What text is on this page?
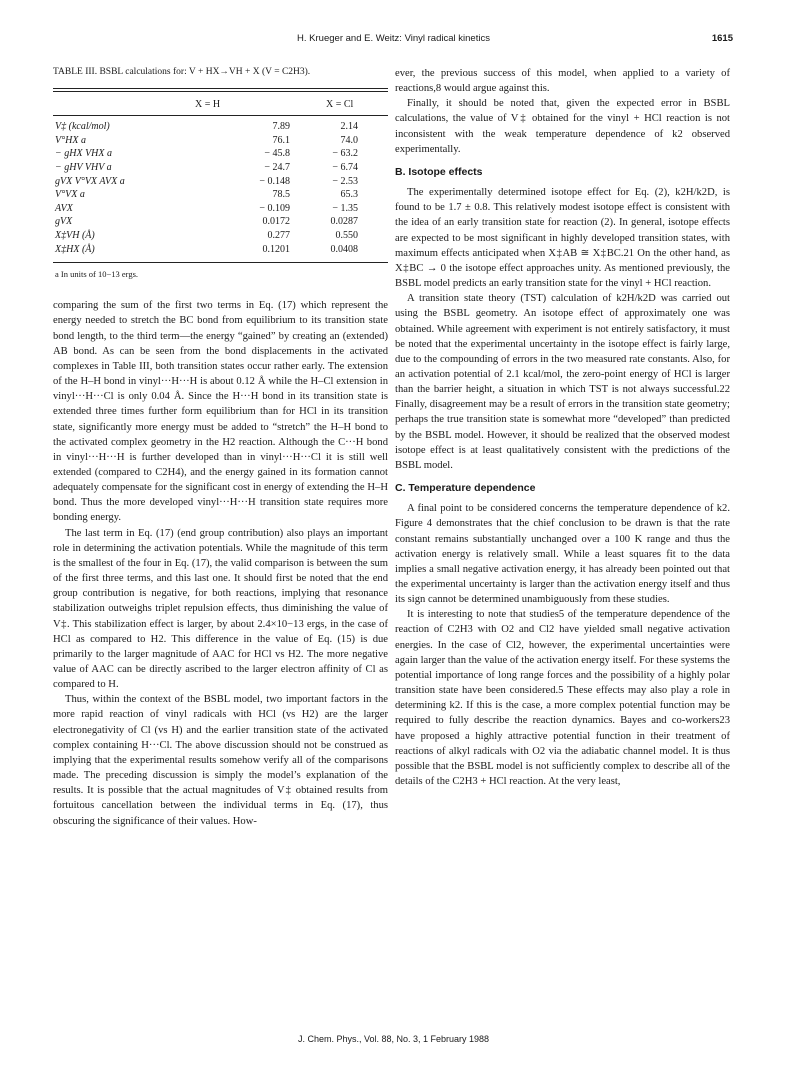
H. Krueger and E. Weitz: Vinyl radical kinetics	1615
TABLE III. BSBL calculations for: V + HX→VH + X (V = C2H3).
	X = H	X = Cl
V‡ (kcal/mol)	7.89	2.14
V°HX a	76.1	74.0
− gHX VHX a	− 45.8	− 63.2
− gHV VHV a	− 24.7	− 6.74
gVX V°VX AVX a	− 0.148	− 2.53
V°VX a	78.5	65.3
AVX	− 0.109	− 1.35
gVX	0.0172	0.0287
X‡VH (Å)	0.277	0.550
X‡HX (Å)	0.1201	0.0408
a In units of 10−13 ergs.

comparing the sum of the first two terms in Eq. (17) which represent the energy needed to stretch the BC bond from equilibrium to its transition state bond length, to the third term—the energy “gained” by creating an (extended) AB bond. As can be seen from the bond displacements in the activated complexes in Table III, both transition states occur rather early. The extension of the H–H bond in vinyl···H···H is about 0.12 Å while the H–Cl extension in vinyl···H···Cl is only 0.04 Å. Since the H···H bond in its transition state is extended three times further form equilibrium than for HCl in its transition state, significantly more energy must be added to “stretch” the H–H bond to the activated complex geometry in the H2 reaction. Although the C···H bond in vinyl···H···H is further developed than in vinyl···H···Cl it is still well extended (compared to C2H4), and the energy gained in its formation cannot adequately compensate for the significant cost in energy of extending the H–H bond. Thus the more developed vinyl···H···H transition state requires more bonding energy.

The last term in Eq. (17) (end group contribution) also plays an important role in determining the activation potentials. While the magnitude of this term is the smallest of the four in Eq. (17), the valid comparison is between the sum of the first three terms, and this last one. It should first be noted that the end group contribution is negative, for both reactions, implying that resonance stabilization outweighs triplet repulsion effects, thus diminishing the value of V‡. This stabilization effect is larger, by about 2.4×10−13 ergs, in the case of HCl as compared to H2. This difference in the value of Eq. (15) is due primarily to the larger magnitude of AAC for HCl vs H2. The more negative value of AAC can be directly ascribed to the larger electron affinity of Cl as compared to H.

Thus, within the context of the BSBL model, two important factors in the more rapid reaction of vinyl radicals with HCl (vs H2) are the larger electronegativity of Cl (vs H) and the earlier transition state of the activated complex containing H···Cl. The above discussion should not be construed as implying that the experimental results somehow verify all of the comparisons made. The preceding discussion is simply the model’s explanation of the results. It is possible that the actual magnitudes of V‡ obtained results from fortuitous cancellation between the individual terms in Eq. (17), thus obscuring the significance of their values. How-

ever, the previous success of this model, when applied to a variety of reactions,8 would argue against this.

Finally, it should be noted that, given the expected error in BSBL calculations, the value of V‡ obtained for the vinyl + HCl reaction is not inconsistent with the weak temperature dependence of k2 observed experimentally.

B. Isotope effects

The experimentally determined isotope effect for Eq. (2), k2H/k2D, is found to be 1.7 ± 0.8. This relatively modest isotope effect is consistent with the idea of an early transition state for reaction (2). In general, isotope effects are expected to be most significant in highly developed transition states, with maximum effects anticipated when X‡AB ≅ X‡BC.21 On the other hand, as X‡BC → 0 the isotope effect approaches unity. As mentioned previously, the BSBL model predicts an early transition state for the vinyl + HCl reaction.

A transition state theory (TST) calculation of k2H/k2D was carried out using the BSBL geometry. An isotope effect of approximately one was obtained. While agreement with experiment is not entirely satisfactory, it must be noted that the experimental uncertainty in the isotope effect is fairly large, due to the compounding of errors in the two measured rate constants. Also, for an activation potential of 2.1 kcal/mol, the zero-point energy of HCl is larger than the barrier height, a situation in which TST is not always successful.22 Finally, disagreement may be a result of errors in the transition state geometry; perhaps the true transition state is somewhat more “developed” than predicted by the BSBL model. However, it should be realized that the observed modest isotope effect is at least qualitatively consistent with the predictions of the BSBL model.

C. Temperature dependence

A final point to be considered concerns the temperature dependence of k2. Figure 4 demonstrates that the chief conclusion to be drawn is that the rate constant remains substantially unchanged over a 100 K range and thus the activation energy is relatively small. While a least squares fit to the data implies a small negative activation energy, it has already been pointed out that the experimental uncertainty is larger than the activation energy itself and thus its sign cannot be determined unambiguously from these studies.

It is interesting to note that studies5 of the temperature dependence of the reaction of C2H3 with O2 and Cl2 have yielded small negative activation energies. In the case of Cl2, however, the experimental uncertainties were again larger than the value of the activation energy itself. For these systems the potential importance of long range forces and the possibility of a highly polar transition state have been considered.5 These effects may also play a role in determining k2. If this is the case, a more complex potential function may be required to fully describe the reaction dynamics. Bayes and co-workers23 have proposed a highly attractive potential function in their treatment of reactions of alkyl radicals with O2 via the adiabatic channel model. It is thus possible that the BSBL model is not sufficiently complex to describe all of the details of the C2H3 + HCl reaction. At the very least,

J. Chem. Phys., Vol. 88, No. 3, 1 February 1988
